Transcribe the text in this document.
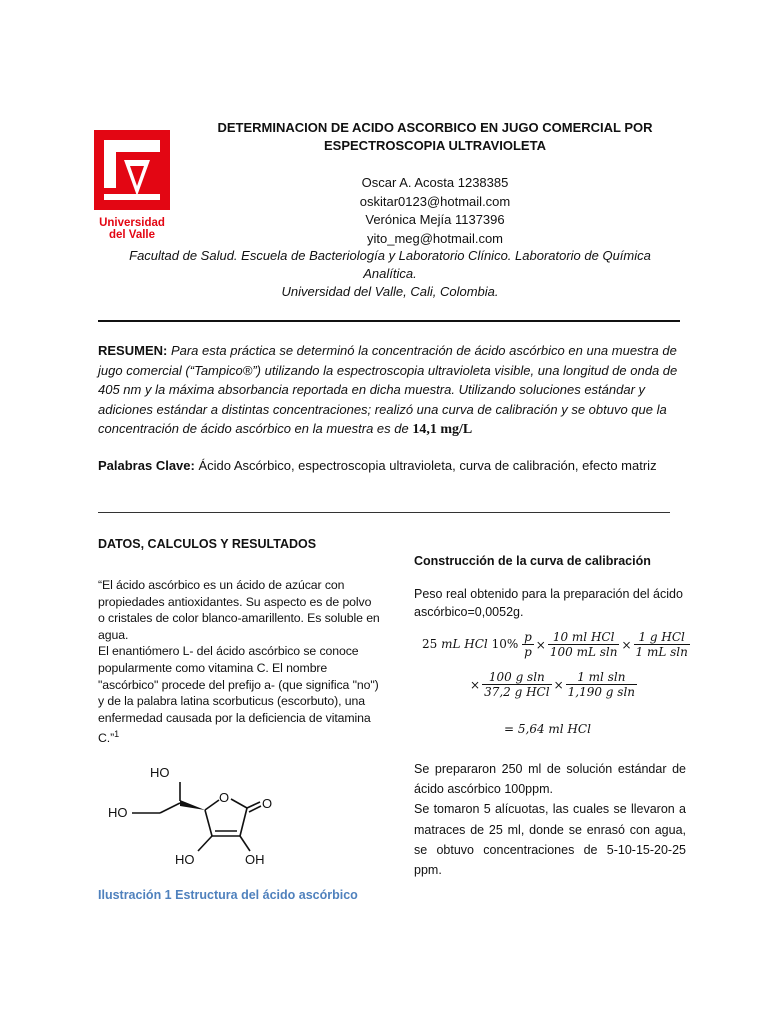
Universidad
del Valle
DETERMINACION DE ACIDO ASCORBICO EN JUGO COMERCIAL POR
ESPECTROSCOPIA ULTRAVIOLETA
Oscar A. Acosta 1238385
oskitar0123@hotmail.com
Verónica Mejía 1137396
yito_meg@hotmail.com
Facultad de Salud. Escuela de Bacteriología y Laboratorio Clínico. Laboratorio de Química
Analítica.
Universidad del Valle, Cali, Colombia.
RESUMEN: Para esta práctica se determinó la concentración de ácido ascórbico en una muestra de jugo comercial (“Tampico®”) utilizando la espectroscopia ultravioleta visible, una longitud de onda de 405 nm y la máxima absorbancia reportada en dicha muestra. Utilizando soluciones estándar y adiciones estándar a distintas concentraciones; realizó una curva de calibración y se obtuvo que la concentración de ácido ascórbico en la muestra es de 14,1 mg/L
Palabras Clave: Ácido Ascórbico, espectroscopia ultravioleta, curva de calibración, efecto matriz
DATOS, CALCULOS Y RESULTADOS
“El ácido ascórbico es un ácido de azúcar con propiedades antioxidantes. Su aspecto es de polvo o cristales de color blanco-amarillento. Es soluble en agua.
El enantiómero L- del ácido ascórbico se conoce popularmente como vitamina C. El nombre "ascórbico" procede del prefijo a- (que significa "no") y de la palabra latina scorbuticus (escorbuto), una enfermedad causada por la deficiencia de vitamina C.”$^1$
HO
HO
O	O
HO	OH
Ilustración 1 Estructura del ácido ascórbico
Construcción de la curva de calibración
Peso real obtenido para la preparación del ácido ascórbico=0,0052g.
25 mL HCl $10\% \frac{p}{p} \times \frac{\text{10 ml HCl}}{\text{100 mL sln}} \times \frac{\text{1 g HCl}}{\text{1 mL sln}}$
× $\frac{\text{100 g sln}}{\text{37,2 g HCl}} \times \frac{\text{1 ml sln}}{\text{1,190 g sln}}$
= 5,64 ml HCl
Se prepararon 250 ml de solución estándar de ácido ascórbico 100ppm.
Se tomaron 5 alícuotas, las cuales se llevaron a matraces de 25 ml, donde se enrasó con agua, se obtuvo concentraciones de 5-10-15-20-25 ppm.
